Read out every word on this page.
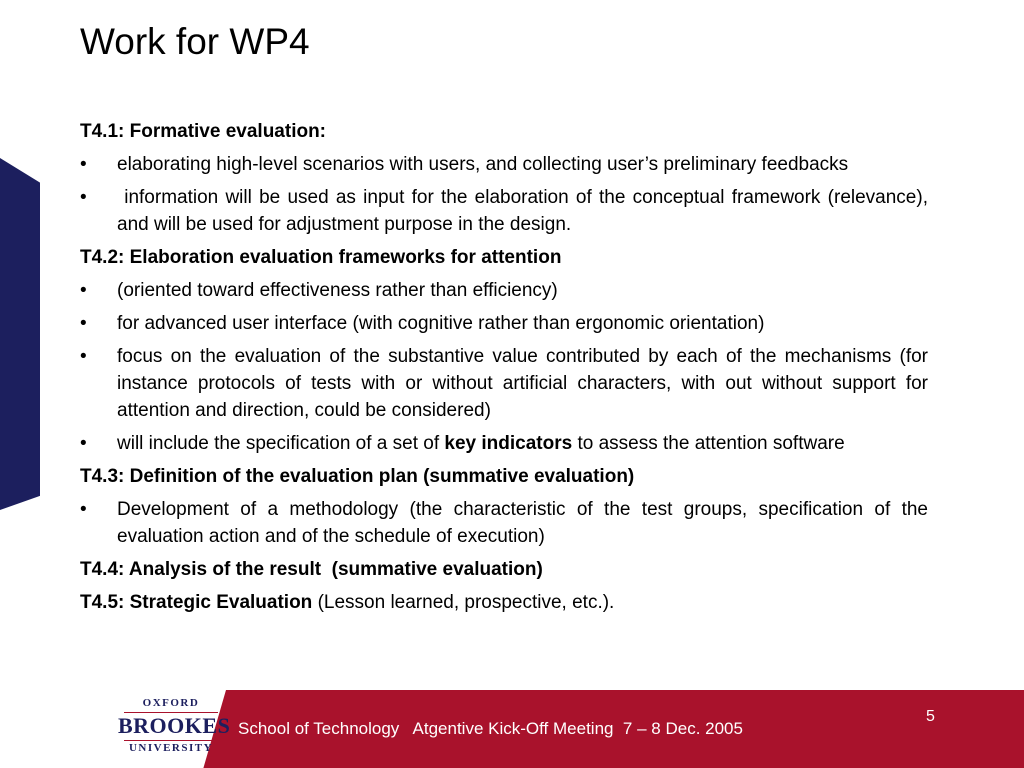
Work for WP4

T4.1: Formative evaluation:

•	elaborating high-level scenarios with users, and collecting user’s preliminary feedbacks
•	information will be used as input for the elaboration of the conceptual framework (relevance), and will be used for adjustment purpose in the design.

T4.2: Elaboration evaluation frameworks for attention

•	(oriented toward effectiveness rather than efficiency)
•	for advanced user interface (with cognitive rather than ergonomic orientation)
•	focus on the evaluation of the substantive value contributed by each of the mechanisms (for instance protocols of tests with or without artificial characters, with out without support for attention and direction, could be considered)
•	will include the specification of a set of key indicators to assess the attention software

T4.3: Definition of the evaluation plan (summative evaluation)

•	Development of a methodology (the characteristic of the test groups, specification of the evaluation action and of the schedule of execution)

T4.4: Analysis of the result  (summative evaluation)

T4.5: Strategic Evaluation (Lesson learned, prospective, etc.).

OXFORD
BROOKES
UNIVERSITY
School of Technology   Atgentive Kick-Off Meeting  7 – 8 Dec. 2005
5
